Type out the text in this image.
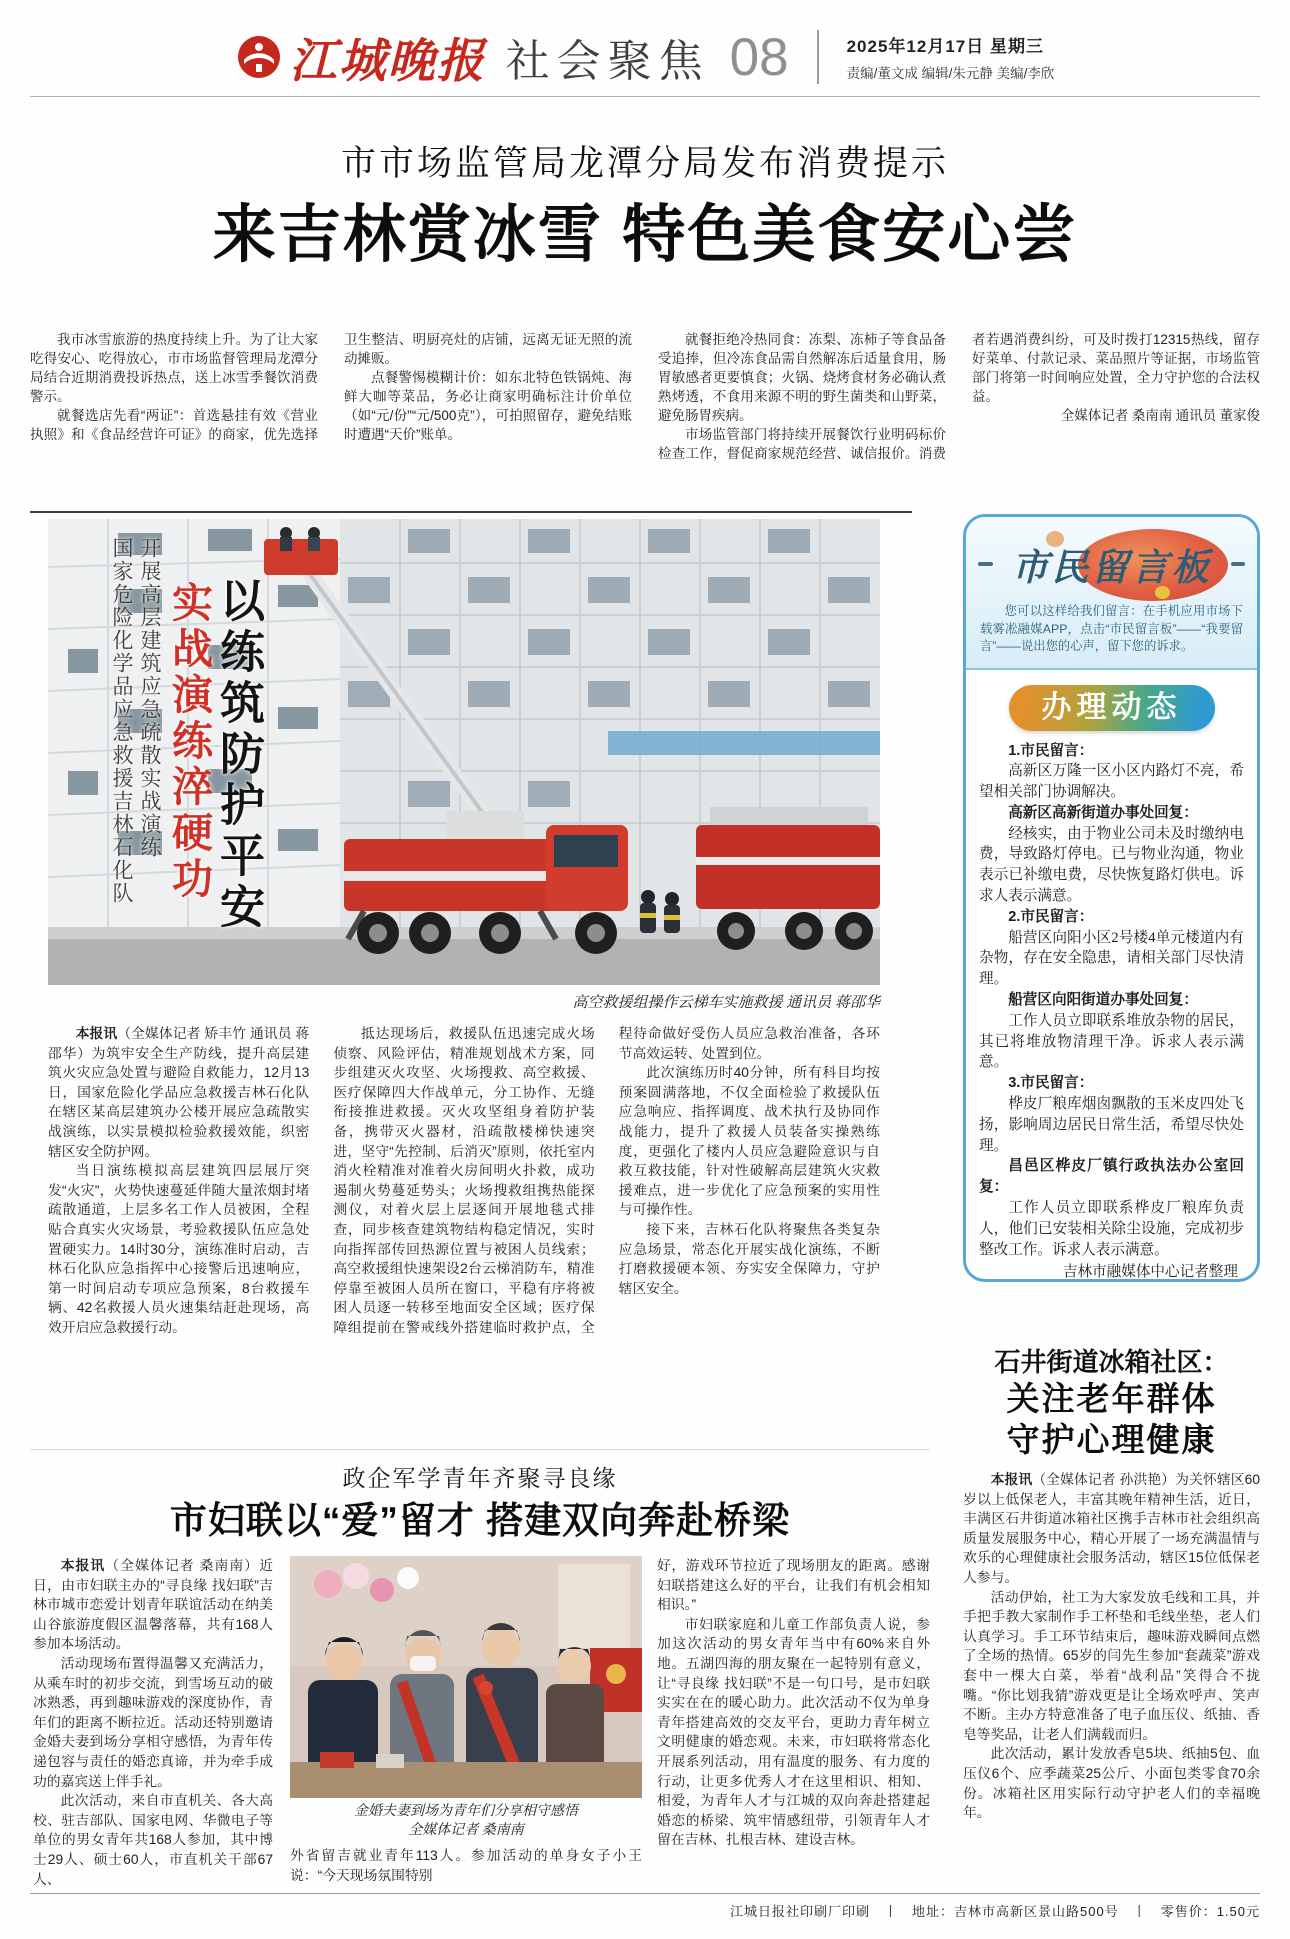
江城晚报 社会聚焦 08	2025年12月17日 星期三
责编/董文成 编辑/朱元静 美编/李欣
市市场监管局龙潭分局发布消费提示
来吉林赏冰雪 特色美食安心尝

我市冰雪旅游的热度持续上升。为了让大家吃得安心、吃得放心，市市场监督管理局龙潭分局结合近期消费投诉热点，送上冰雪季餐饮消费警示。

就餐选店先看“两证”：首选悬挂有效《营业执照》和《食品经营许可证》的商家，优先选择卫生整洁、明厨亮灶的店铺，远离无证无照的流动摊贩。

点餐警惕模糊计价：如东北特色铁锅炖、海鲜大咖等菜品，务必让商家明确标注计价单位（如“元/份”“元/500克”），可拍照留存，避免结账时遭遇“天价”账单。

就餐拒绝冷热同食：冻梨、冻柿子等食品备受追捧，但冷冻食品需自然解冻后适量食用，肠胃敏感者更要慎食；火锅、烧烤食材务必确认煮熟烤透，不食用来源不明的野生菌类和山野菜，避免肠胃疾病。

市场监管部门将持续开展餐饮行业明码标价检查工作，督促商家规范经营、诚信报价。消费者若遇消费纠纷，可及时拨打12315热线，留存好菜单、付款记录、菜品照片等证据，市场监管部门将第一时间响应处置，全力守护您的合法权益。

全媒体记者 桑南南 通讯员 董家俊

国家危险化学品应急救援吉林石化队 开展高层建筑应急疏散实战演练 实战演练淬硬功 以练筑防护平安
高空救援组操作云梯车实施救援 通讯员 蒋邵华

本报讯（全媒体记者 矫丰竹 通讯员 蒋邵华）为筑牢安全生产防线，提升高层建筑火灾应急处置与避险自救能力，12月13日，国家危险化学品应急救援吉林石化队在辖区某高层建筑办公楼开展应急疏散实战演练，以实景模拟检验救援效能，织密辖区安全防护网。

当日演练模拟高层建筑四层展厅突发“火灾”，火势快速蔓延伴随大量浓烟封堵疏散通道，上层多名工作人员被困，全程贴合真实火灾场景，考验救援队伍应急处置硬实力。14时30分，演练准时启动，吉林石化队应急指挥中心接警后迅速响应，第一时间启动专项应急预案，8台救援车辆、42名救援人员火速集结赶赴现场，高效开启应急救援行动。

抵达现场后，救援队伍迅速完成火场侦察、风险评估，精准规划战术方案，同步组建灭火攻坚、火场搜救、高空救援、医疗保障四大作战单元，分工协作、无缝衔接推进救援。灭火攻坚组身着防护装备，携带灭火器材，沿疏散楼梯快速突进，坚守“先控制、后消灭”原则，依托室内消火栓精准对准着火房间明火扑救，成功遏制火势蔓延势头；火场搜救组携热能探测仪，对着火层上层逐间开展地毯式排查，同步核查建筑物结构稳定情况，实时向指挥部传回热源位置与被困人员线索；高空救援组快速架设2台云梯消防车，精准停靠至被困人员所在窗口，平稳有序将被困人员逐一转移至地面安全区域；医疗保障组提前在警戒线外搭建临时救护点，全程待命做好受伤人员应急救治准备，各环节高效运转、处置到位。

此次演练历时40分钟，所有科目均按预案圆满落地，不仅全面检验了救援队伍应急响应、指挥调度、战术执行及协同作战能力，提升了救援人员装备实操熟练度，更强化了楼内人员应急避险意识与自救互救技能，针对性破解高层建筑火灾救援难点，进一步优化了应急预案的实用性与可操作性。

接下来，吉林石化队将聚焦各类复杂应急场景，常态化开展实战化演练，不断打磨救援硬本领、夯实安全保障力，守护辖区安全。

市民留言板
您可以这样给我们留言：在手机应用市场下载雾凇融媒APP，点击“市民留言板”——“我要留言”——说出您的心声，留下您的诉求。
办理动态

1.市民留言：

高新区万隆一区小区内路灯不亮，希望相关部门协调解决。

高新区高新街道办事处回复：

经核实，由于物业公司未及时缴纳电费，导致路灯停电。已与物业沟通，物业表示已补缴电费，尽快恢复路灯供电。诉求人表示满意。

2.市民留言：

船营区向阳小区2号楼4单元楼道内有杂物，存在安全隐患，请相关部门尽快清理。

船营区向阳街道办事处回复：

工作人员立即联系堆放杂物的居民，其已将堆放物清理干净。诉求人表示满意。

3.市民留言：

桦皮厂粮库烟囱飘散的玉米皮四处飞扬，影响周边居民日常生活，希望尽快处理。

昌邑区桦皮厂镇行政执法办公室回复：

工作人员立即联系桦皮厂粮库负责人，他们已安装相关除尘设施，完成初步整改工作。诉求人表示满意。

吉林市融媒体中心记者整理

石井街道冰箱社区：
关注老年群体
守护心理健康

本报讯（全媒体记者 孙洪艳）为关怀辖区60岁以上低保老人，丰富其晚年精神生活，近日，丰满区石井街道冰箱社区携手吉林市社会组织高质量发展服务中心，精心开展了一场充满温情与欢乐的心理健康社会服务活动，辖区15位低保老人参与。

活动伊始，社工为大家发放毛线和工具，并手把手教大家制作手工杯垫和毛线坐垫，老人们认真学习。手工环节结束后，趣味游戏瞬间点燃了全场的热情。65岁的闫先生参加“套蔬菜”游戏套中一棵大白菜，举着“战利品”笑得合不拢嘴。“你比划我猜”游戏更是让全场欢呼声、笑声不断。主办方特意准备了电子血压仪、纸抽、香皂等奖品，让老人们满载而归。

此次活动，累计发放香皂5块、纸抽5包、血压仪6个、应季蔬菜25公斤、小面包类零食70余份。冰箱社区用实际行动守护老人们的幸福晚年。

政企军学青年齐聚寻良缘
市妇联以“爱”留才 搭建双向奔赴桥梁

本报讯（全媒体记者 桑南南）近日，由市妇联主办的“寻良缘 找妇联”吉林市城市恋爱计划青年联谊活动在纳美山谷旅游度假区温馨落幕，共有168人参加本场活动。

活动现场布置得温馨又充满活力，从乘车时的初步交流，到雪场互动的破冰熟悉，再到趣味游戏的深度协作，青年们的距离不断拉近。活动还特别邀请金婚夫妻到场分享相守感悟，为青年传递包容与责任的婚恋真谛，并为牵手成功的嘉宾送上伴手礼。

此次活动，来自市直机关、各大高校、驻吉部队、国家电网、华微电子等单位的男女青年共168人参加，其中博士29人、硕士60人，市直机关干部67人、

金婚夫妻到场为青年们分享相守感悟
全媒体记者 桑南南

外省留吉就业青年113人。参加活动的单身女子小王说：“今天现场氛围特别

好，游戏环节拉近了现场朋友的距离。感谢妇联搭建这么好的平台，让我们有机会相知相识。”

市妇联家庭和儿童工作部负责人说，参加这次活动的男女青年当中有60%来自外地。五湖四海的朋友聚在一起特别有意义，让“寻良缘 找妇联”不是一句口号，是市妇联实实在在的暖心助力。此次活动不仅为单身青年搭建高效的交友平台，更助力青年树立文明健康的婚恋观。未来，市妇联将常态化开展系列活动，用有温度的服务、有力度的行动，让更多优秀人才在这里相识、相知、相爱，为青年人才与江城的双向奔赴搭建起婚恋的桥梁、筑牢情感纽带，引领青年人才留在吉林、扎根吉林、建设吉林。

江城日报社印刷厂印刷　丨　地址：吉林市高新区景山路500号　丨　零售价：1.50元
